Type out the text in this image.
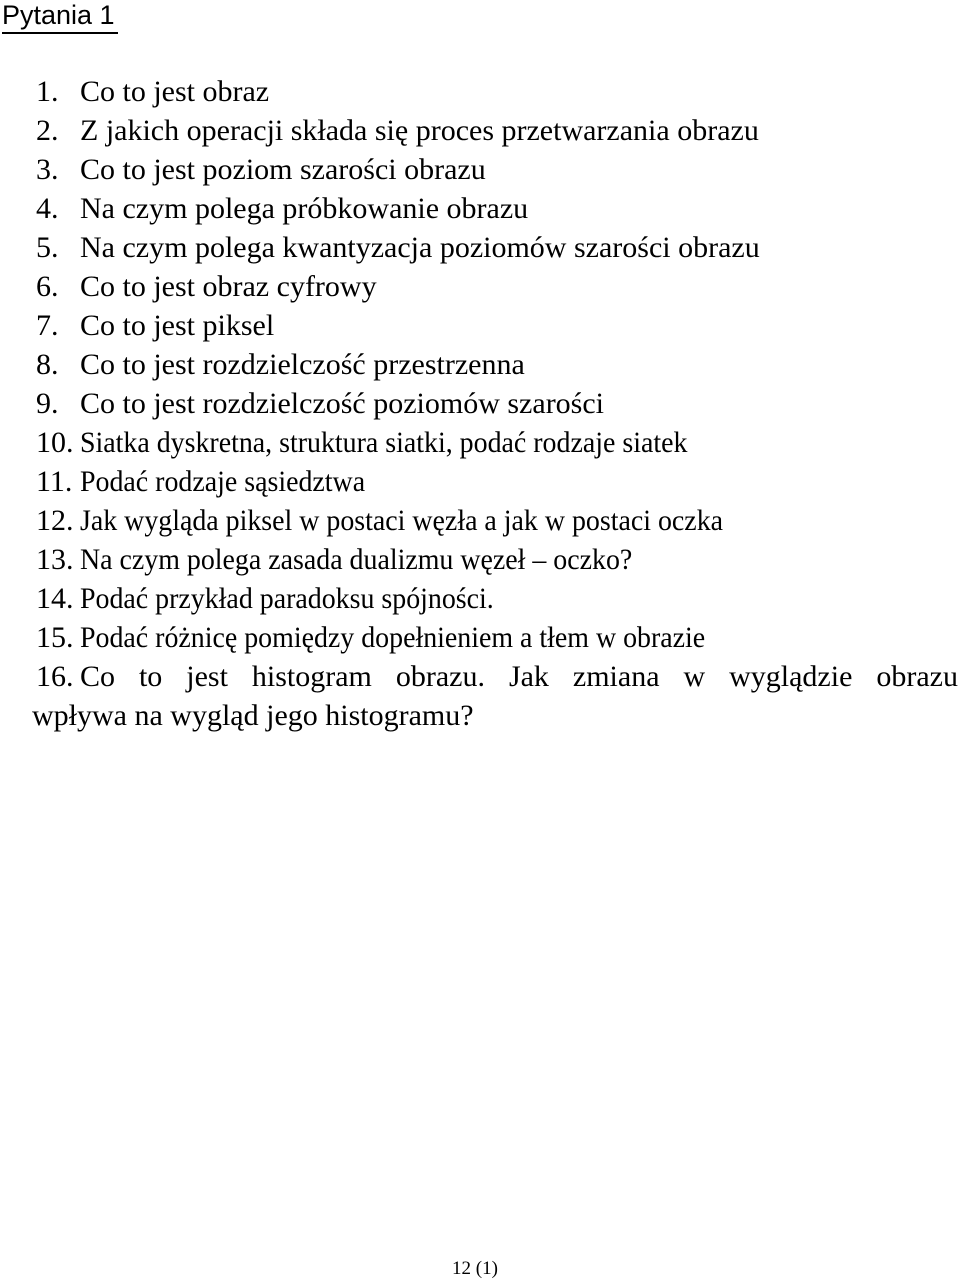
Pytania 1
1. Co to jest obraz
2. Z jakich operacji składa się proces przetwarzania obrazu
3. Co to jest poziom szarości obrazu
4. Na czym polega próbkowanie obrazu
5. Na czym polega kwantyzacja poziomów szarości obrazu
6. Co to jest obraz cyfrowy
7. Co to jest piksel
8. Co to jest rozdzielczość przestrzenna
9. Co to jest rozdzielczość poziomów szarości
10. Siatka dyskretna, struktura siatki, podać rodzaje siatek
11. Podać rodzaje sąsiedztwa
12. Jak wygląda piksel w postaci węzła a jak w postaci oczka
13. Na czym polega zasada dualizmu węzeł – oczko?
14. Podać przykład paradoksu spójności.
15. Podać różnicę pomiędzy dopełnieniem a tłem w obrazie
16. Co to jest histogram obrazu. Jak zmiana w wyglądzie obrazu
wpływa na wygląd jego histogramu?
12 (1)
